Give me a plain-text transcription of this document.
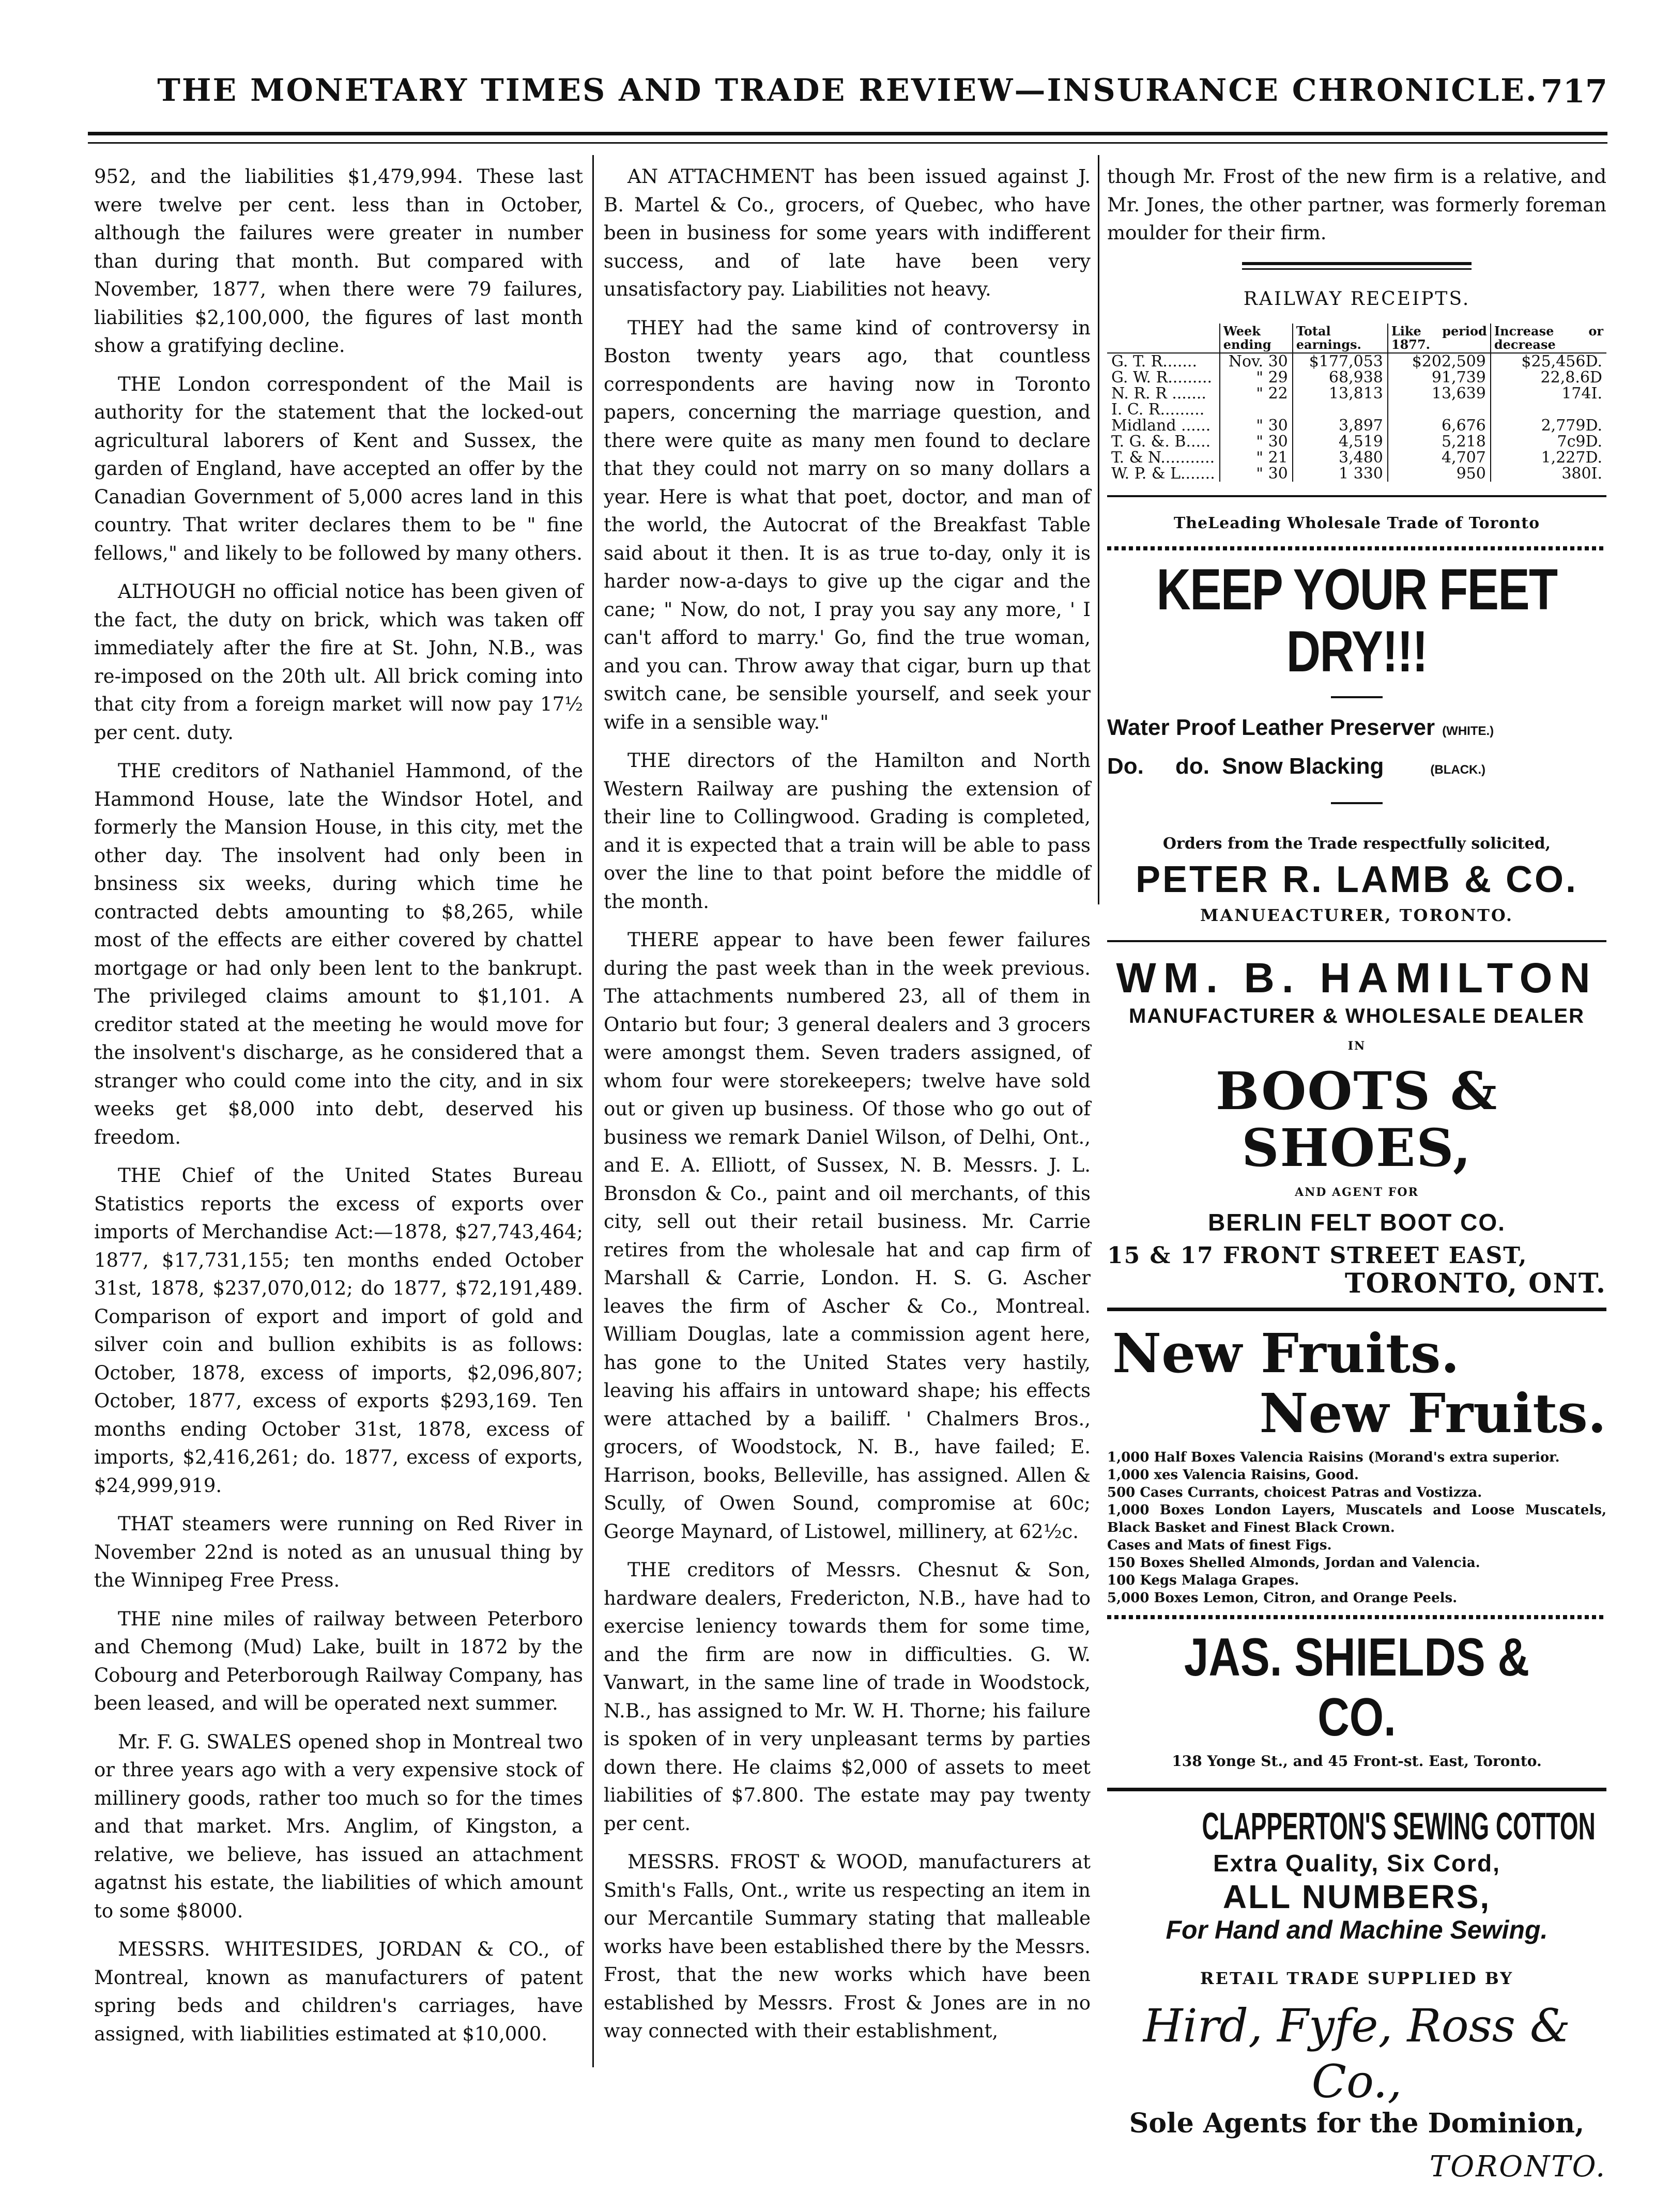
THE MONETARY TIMES AND TRADE REVIEW—INSURANCE CHRONICLE. 717

952, and the liabilities $1,479,994. These last were twelve per cent. less than in October, although the failures were greater in number than during that month. But compared with November, 1877, when there were 79 failures, liabilities $2,100,000, the figures of last month show a gratifying decline.

THE London correspondent of the Mail is authority for the statement that the locked-out agricultural laborers of Kent and Sussex, the garden of England, have accepted an offer by the Canadian Government of 5,000 acres land in this country. That writer declares them to be " fine fellows," and likely to be followed by many others.

ALTHOUGH no official notice has been given of the fact, the duty on brick, which was taken off immediately after the fire at St. John, N.B., was re-imposed on the 20th ult. All brick coming into that city from a foreign market will now pay 17½ per cent. duty.

THE creditors of Nathaniel Hammond, of the Hammond House, late the Windsor Hotel, and formerly the Mansion House, in this city, met the other day. The insolvent had only been in bnsiness six weeks, during which time he contracted debts amounting to $8,265, while most of the effects are either covered by chattel mortgage or had only been lent to the bankrupt. The privileged claims amount to $1,101. A creditor stated at the meeting he would move for the insolvent's discharge, as he considered that a stranger who could come into the city, and in six weeks get $8,000 into debt, deserved his freedom.

THE Chief of the United States Bureau Statistics reports the excess of exports over imports of Merchandise Act:—1878, $27,743,464; 1877, $17,731,155; ten months ended October 31st, 1878, $237,070,012; do 1877, $72,191,489. Comparison of export and import of gold and silver coin and bullion exhibits is as follows: October, 1878, excess of imports, $2,096,807; October, 1877, excess of exports $293,169. Ten months ending October 31st, 1878, excess of imports, $2,416,261; do. 1877, excess of exports, $24,999,919.

THAT steamers were running on Red River in November 22nd is noted as an unusual thing by the Winnipeg Free Press.

THE nine miles of railway between Peterboro and Chemong (Mud) Lake, built in 1872 by the Cobourg and Peterborough Railway Company, has been leased, and will be operated next summer.

Mr. F. G. SWALES opened shop in Montreal two or three years ago with a very expensive stock of millinery goods, rather too much so for the times and that market. Mrs. Anglim, of Kingston, a relative, we believe, has issued an attachment agatnst his estate, the liabilities of which amount to some $8000.

MESSRS. WHITESIDES, JORDAN & CO., of Montreal, known as manufacturers of patent spring beds and children's carriages, have assigned, with liabilities estimated at $10,000.

AN ATTACHMENT has been issued against J. B. Martel & Co., grocers, of Quebec, who have been in business for some years with indifferent success, and of late have been very unsatisfactory pay. Liabilities not heavy.

THEY had the same kind of controversy in Boston twenty years ago, that countless correspondents are having now in Toronto papers, concerning the marriage question, and there were quite as many men found to declare that they could not marry on so many dollars a year. Here is what that poet, doctor, and man of the world, the Autocrat of the Breakfast Table said about it then. It is as true to-day, only it is harder now-a-days to give up the cigar and the cane; " Now, do not, I pray you say any more, ' I can't afford to marry.' Go, find the true woman, and you can. Throw away that cigar, burn up that switch cane, be sensible yourself, and seek your wife in a sensible way."

THE directors of the Hamilton and North Western Railway are pushing the extension of their line to Collingwood. Grading is completed, and it is expected that a train will be able to pass over the line to that point before the middle of the month.

THERE appear to have been fewer failures during the past week than in the week previous. The attachments numbered 23, all of them in Ontario but four; 3 general dealers and 3 grocers were amongst them. Seven traders assigned, of whom four were storekeepers; twelve have sold out or given up business. Of those who go out of business we remark Daniel Wilson, of Delhi, Ont., and E. A. Elliott, of Sussex, N. B. Messrs. J. L. Bronsdon & Co., paint and oil merchants, of this city, sell out their retail business. Mr. Carrie retires from the wholesale hat and cap firm of Marshall & Carrie, London. H. S. G. Ascher leaves the firm of Ascher & Co., Montreal. William Douglas, late a commission agent here, has gone to the United States very hastily, leaving his affairs in untoward shape; his effects were attached by a bailiff. ' Chalmers Bros., grocers, of Woodstock, N. B., have failed; E. Harrison, books, Belleville, has assigned. Allen & Scully, of Owen Sound, compromise at 60c; George Maynard, of Listowel, millinery, at 62½c.

THE creditors of Messrs. Chesnut & Son, hardware dealers, Fredericton, N.B., have had to exercise leniency towards them for some time, and the firm are now in difficulties. G. W. Vanwart, in the same line of trade in Woodstock, N.B., has assigned to Mr. W. H. Thorne; his failure is spoken of in very unpleasant terms by parties down there. He claims $2,000 of assets to meet liabilities of $7.800. The estate may pay twenty per cent.

MESSRS. FROST & WOOD, manufacturers at Smith's Falls, Ont., write us respecting an item in our Mercantile Summary stating that malleable works have been established there by the Messrs. Frost, that the new works which have been established by Messrs. Frost & Jones are in no way connected with their establishment,

though Mr. Frost of the new firm is a relative, and Mr. Jones, the other partner, was formerly foreman moulder for their firm.

RAILWAY RECEIPTS.
	Week ending	Total earnings.	Like period 1877.	Increase or decrease
G. T. R.......	Nov. 30	$177,053	$202,509	$25,456D.
G. W. R.........	" 29	68,938	91,739	22,8.6D
N. R. R .......	" 22	13,813	13,639	174I.
I. C. R.........				
Midland ......	" 30	3,897	6,676	2,779D.
T. G. &. B.....	" 30	4,519	5,218	7c9D.
T. & N...........	" 21	3,480	4,707	1,227D.
W. P. & L.......	" 30	1 330	950	380I.
TheLeading Wholesale Trade of Toronto
KEEP YOUR FEET DRY!!!
Water Proof Leather Preserver (WHITE.)
Do.     do.  Snow Blacking	(BLACK.)
Orders from the Trade respectfully solicited,
PETER R. LAMB & CO.
MANUEACTURER, TORONTO.
WM. B. HAMILTON
MANUFACTURER & WHOLESALE DEALER
IN
BOOTS & SHOES,
AND AGENT FOR
BERLIN FELT BOOT CO.
15 & 17 FRONT STREET EAST,
TORONTO, ONT.
New Fruits.
New Fruits.
1,000 Half Boxes Valencia Raisins (Morand's extra superior.
1,000 xes Valencia Raisins, Good.
500 Cases Currants, choicest Patras and Vostizza.
1,000 Boxes London Layers, Muscatels and Loose Muscatels, Black Basket and Finest Black Crown.
Cases and Mats of finest Figs.
150 Boxes Shelled Almonds, Jordan and Valencia.
100 Kegs Malaga Grapes.
5,000 Boxes Lemon, Citron, and Orange Peels.
JAS. SHIELDS & CO.
138 Yonge St., and 45 Front-st. East, Toronto.
CLAPPERTON'S SEWING COTTON
Extra Quality, Six Cord,
ALL NUMBERS,
For Hand and Machine Sewing.
RETAIL TRADE SUPPLIED BY
Hird, Fyfe, Ross & Co.,
Sole Agents for the Dominion,
TORONTO.
